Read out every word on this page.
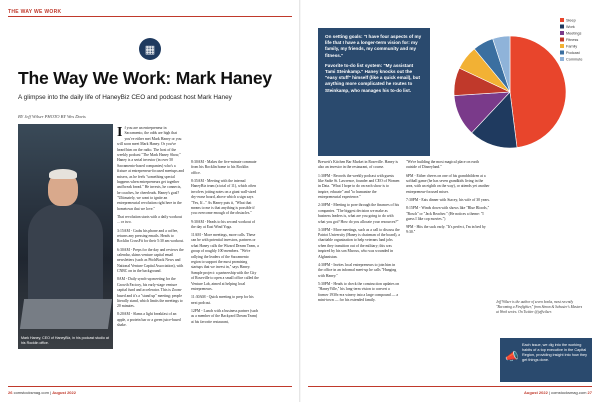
THE WAY WE WORK
▦
The Way We Work: Mark Haney
A glimpse into the daily life of HaneyBiz CEO and podcast host Mark Haney
BY Jeff Wilser PHOTO BY Wes Davis
Mark Haney, CEO of HaneyBiz, in his podcast studio at his Rocklin office.

If you are an entrepreneur in Sacramento, the odds are high that you've either met Mark Haney or you will soon meet Mark Haney. Or you've heard him on the radio. The host of the weekly podcast "The Mark Haney Show," Haney is a serial investor (in over 50 Sacramento-based companies) who's a fixture at entrepreneur-focused meetups and mixers, as he feels "something special happens when entrepreneurs get together and break bread." He invests, he connects, he coaches, he cheerleads. Haney's goal? "Ultimately, we want to ignite an entrepreneurial revolution right here in the hometown that we love."

That revolution starts with a daily workout ... or two.

3:15AM - Grabs his phone and a coffee, returns any pressing emails. Heads to Rocklin CrossFit for their 5:30 am workout.

6:30AM - Preps for the day and reviews the calendar, skims venture capital email newsletters (such as PitchBook News and National Venture Capital Association), with CNBC on in the background.

8AM - Daily synch-up meeting for the Growth Factory, his early-stage venture capital fund and accelerator. This is Zoom-based and it's a "stand up" meeting; people literally stand, which limits the meetings to 20 minutes.

8:20AM - Slams a light breakfast of an apple, a protein bar or a green juice-based shake.

8:30AM - Makes the five-minute commute from his Rocklin home to his Rocklin office.

8:35AM - Meeting with the internal HaneyBiz team (a total of 11), which often involves jotting notes on a giant wall-sized dry-erase board, above which a sign says "Yes, If..." As Haney puts it, "What that means to me is that anything is possible if you overcome enough of the obstacles."

9:30AM - Heads to his second workout of the day at East Wind Yoga.

11AM - More meetings, more calls. These can be with potential investors, partners or what Haney calls the Wizard Dream Team, a group of roughly 100 members. "We're rallying the leaders of the Sacramento region to support the most promising startups that we invest in," says Haney. Sample project: a partnership with the City of Roseville to open a small office called the Venture Lab, aimed at helping local entrepreneurs.

11:30AM - Quick meeting to prep for his next podcast.

12PM - Lunch with a business partner (such as a member of the Backyard Dream Team) at his favorite restaurant,

26 comstocksmag.com | August 2022

On setting goals: "I have four aspects of my life that I have a longer-term vision for: my family, my friends, my community and my fitness."

Favorite to-do list system: "My assistant Tami Steinkamp." Haney knocks out the "easy stuff" himself (like a quick email), but anything more complicated he routes to Steinkamp, who manages his to-do list.

Sleep
Work
Meetings
Fitness
Family
Podcast
Commute

Brewett's Kitchen Bar Market in Roseville. Haney is also an investor in the restaurant, of course.

1:30PM - Records the weekly podcast with guests like Sadie St. Lawrence, founder and CEO of Women in Data. "What I hope to do on each show is to inspire, educate" and "to humanize the entrepreneurial experience."

2:30PM - Meeting to pore through the finances of his companies. "The biggest decision we make as business leaders is, what are you going to do with what you got? How do you allocate your resources?"

3:30PM - More meetings, such as a call to discuss the Patriot University (Haney is chairman of the board), a charitable organization to help veterans land jobs when they transition out of the military; this was inspired by his son Marcus, who was wounded in Afghanistan.

4:30PM - Invites local entrepreneurs to join him in the office in an informal meet-up he calls "Hanging with Haney."

5:30PM - Heads to check the construction updates on "HaneyVille," his long-term vision to convert a former 1930s-era winery into a large compound — a mini-town — for his extended family.

"We're building the most magical place on earth outside of Disneyland."

6PM - Either cheers on one of his grandchildren at a softball game (he has seven grandkids living in the area, with an eighth on the way), or attends yet another entrepreneur-focused mixer.

7:30PM - Eats dinner with Stacey, his wife of 30 years.

8:15PM - Winds down with shows like "Blue Bloods," "Bosch" or "Jack Reacher." (He notices a theme: "I guess I like cop movies.")

9PM - Hits the sack early. "It's perfect, I'm in bed by 9:30."

Jeff Wilser is the author of seven books, most recently "Becoming a Firefighter," from Simon & Schuster's Masters at Work series. On Twitter @jeffwilser.
📣
Each issue, we dig into the working habits of a top executive in the Capital Region, providing insight into how they get things done.
August 2022 | comstocksmag.com 27
